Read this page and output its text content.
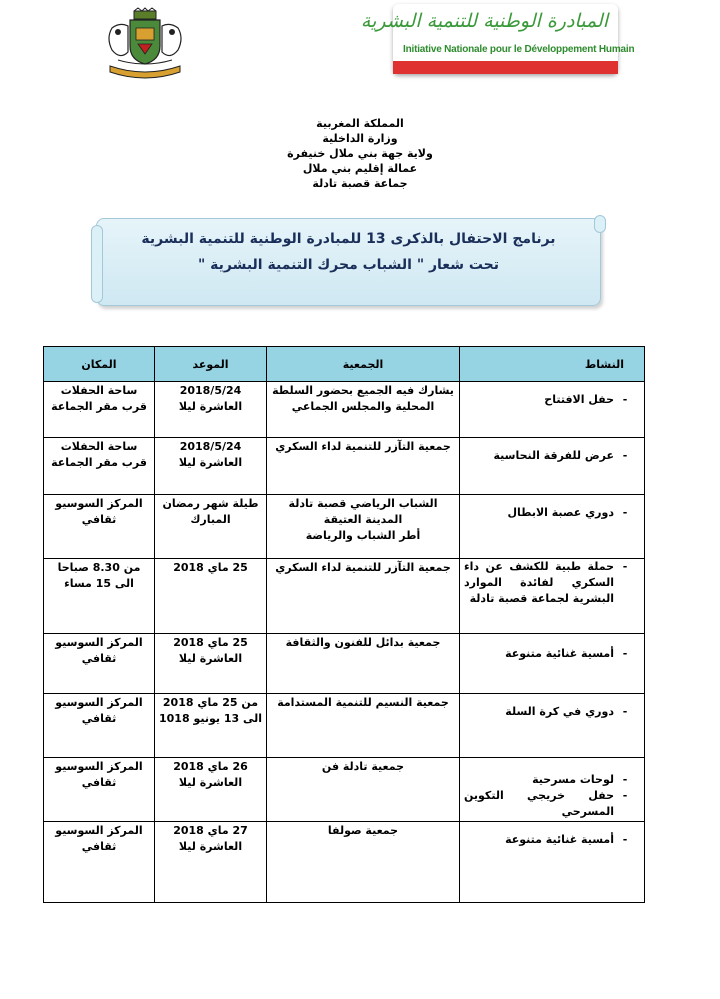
المبادرة الوطنية للتنمية البشرية
Initiative Nationale pour le Développement Humain
المملكة المغربية
وزارة الداخلية
ولاية جهة بني ملال خنيفرة
عمالة إقليم بني ملال
جماعة قصبة تادلة
برنامج الاحتفال بالذكرى 13 للمبادرة الوطنية للتنمية البشرية
تحت شعار " الشباب محرك التنمية البشرية "
النشاط	الجمعية	الموعد	المكان

-
حفل الافتتاح	يشارك فيه الجميع بحضور السلطة المحلية والمجلس الجماعي	2018/5/24 العاشرة ليلا	ساحة الحفلات قرب مقر الجماعة

-
عرض للفرقة النحاسية	جمعية التآزر للتنمية لداء السكري	2018/5/24 العاشرة ليلا	ساحة الحفلات قرب مقر الجماعة

-
دوري عصبة الابطال	الشباب الرياضي قصبة تادلة
المدينة العتيقة
أطر الشباب والرياضة	طيلة شهر رمضان المبارك	المركز السوسيو ثقافي

-
حملة طبية للكشف عن داء السكري لفائدة الموارد البشرية لجماعة قصبة تادلة	جمعية التآزر للتنمية لداء السكري	25 ماي 2018	من 8.30 صباحا الى 15 مساء

-
أمسية غنائية متنوعة	جمعية بدائل للفنون والثقافة	25 ماي 2018 العاشرة ليلا	المركز السوسيو ثقافي

-
دوري في كرة السلة	جمعية النسيم للتنمية المستدامة	من 25 ماي 2018 الى 13 يونيو 1018	المركز السوسيو ثقافي

-
لوحات مسرحية
-
حفل خريجي التكوين المسرحي	جمعية تادلة فن	26 ماي 2018 العاشرة ليلا	المركز السوسيو ثقافي

-
أمسية غنائية متنوعة	جمعية صولفا	27 ماي 2018 العاشرة ليلا	المركز السوسيو ثقافي
